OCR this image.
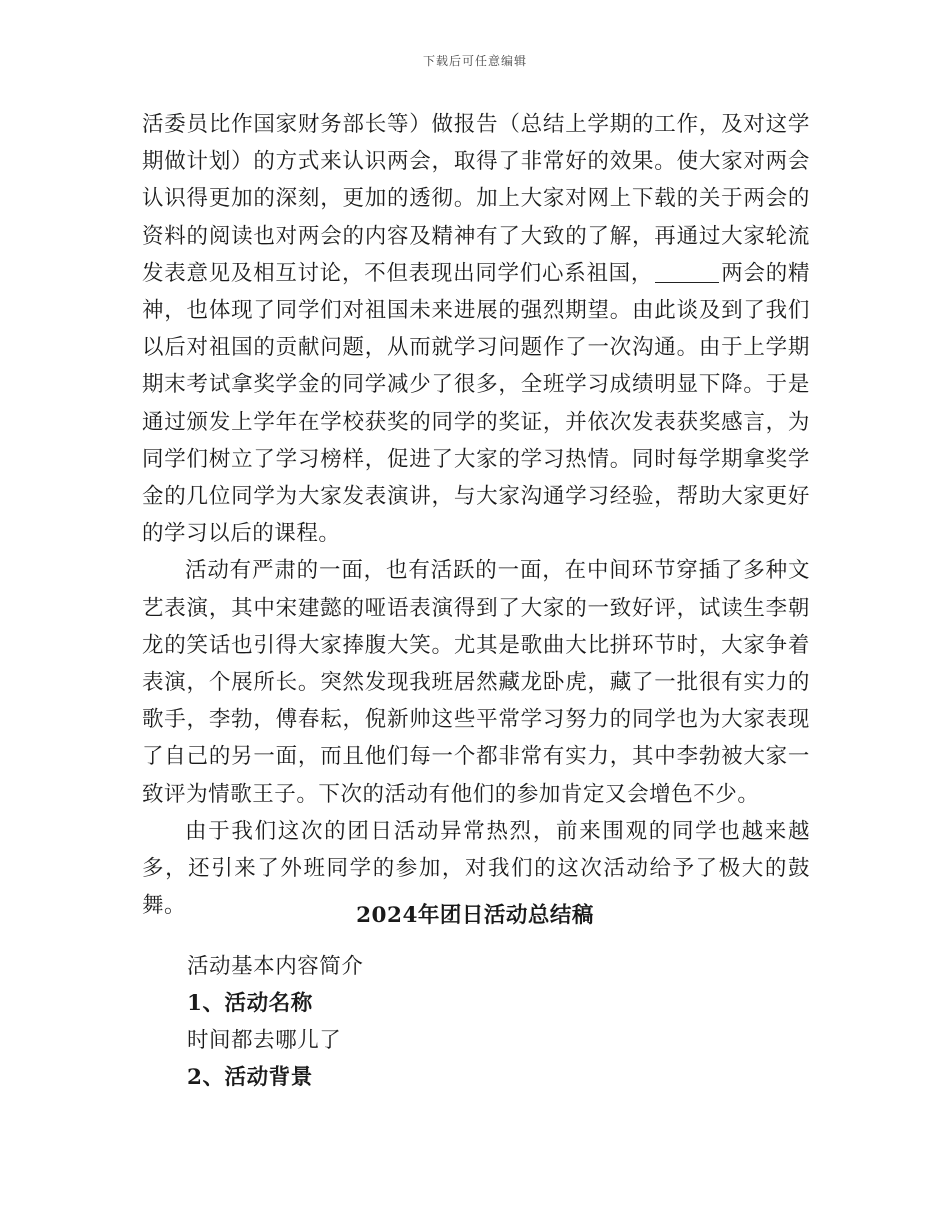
下载后可任意编辑

活委员比作国家财务部长等）做报告（总结上学期的工作，及对这学期做计划）的方式来认识两会，取得了非常好的效果。使大家对两会认识得更加的深刻，更加的透彻。加上大家对网上下载的关于两会的资料的阅读也对两会的内容及精神有了大致的了解，再通过大家轮流发表意见及相互讨论，不但表现出同学们心系祖国，	两会的精神，也体现了同学们对祖国未来进展的强烈期望。由此谈及到了我们以后对祖国的贡献问题，从而就学习问题作了一次沟通。由于上学期期末考试拿奖学金的同学减少了很多，全班学习成绩明显下降。于是通过颁发上学年在学校获奖的同学的奖证，并依次发表获奖感言，为同学们树立了学习榜样，促进了大家的学习热情。同时每学期拿奖学金的几位同学为大家发表演讲，与大家沟通学习经验，帮助大家更好的学习以后的课程。

活动有严肃的一面，也有活跃的一面，在中间环节穿插了多种文艺表演，其中宋建懿的哑语表演得到了大家的一致好评，试读生李朝龙的笑话也引得大家捧腹大笑。尤其是歌曲大比拼环节时，大家争着表演，个展所长。突然发现我班居然藏龙卧虎，藏了一批很有实力的歌手，李勃，傅春耘，倪新帅这些平常学习努力的同学也为大家表现了自己的另一面，而且他们每一个都非常有实力，其中李勃被大家一致评为情歌王子。下次的活动有他们的参加肯定又会增色不少。

由于我们这次的团日活动异常热烈，前来围观的同学也越来越多，还引来了外班同学的参加，对我们的这次活动给予了极大的鼓舞。	2024年团日活动总结稿
活动基本内容简介
1、活动名称
时间都去哪儿了
2、活动背景
